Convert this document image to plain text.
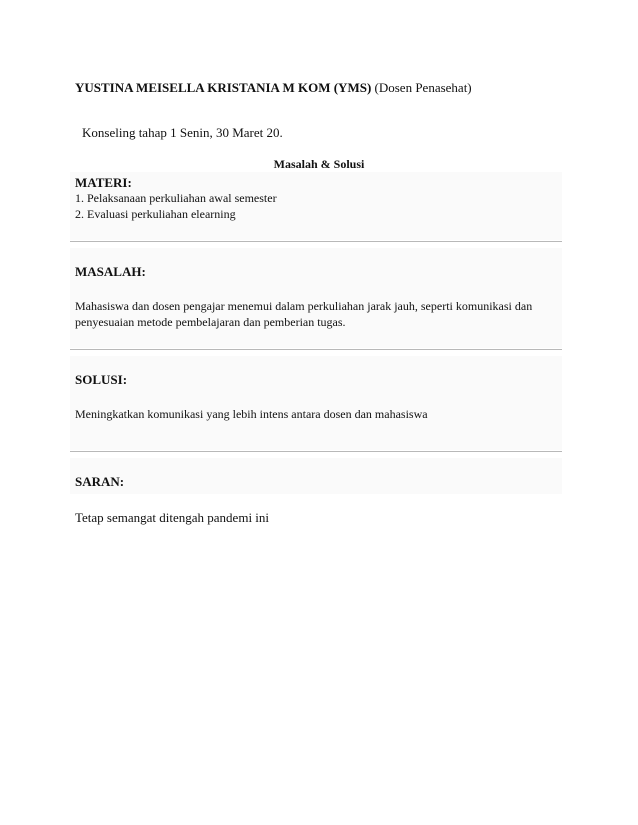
YUSTINA MEISELLA KRISTANIA M KOM (YMS) (Dosen Penasehat)
Konseling tahap 1 Senin, 30 Maret 20.
Masalah & Solusi
MATERI:
1. Pelaksanaan perkuliahan awal semester
2. Evaluasi perkuliahan elearning
MASALAH:
Mahasiswa dan dosen pengajar menemui dalam perkuliahan jarak jauh, seperti komunikasi dan penyesuaian metode pembelajaran dan pemberian tugas.
SOLUSI:
Meningkatkan komunikasi yang lebih intens antara dosen dan mahasiswa
SARAN:
Tetap semangat ditengah pandemi ini
